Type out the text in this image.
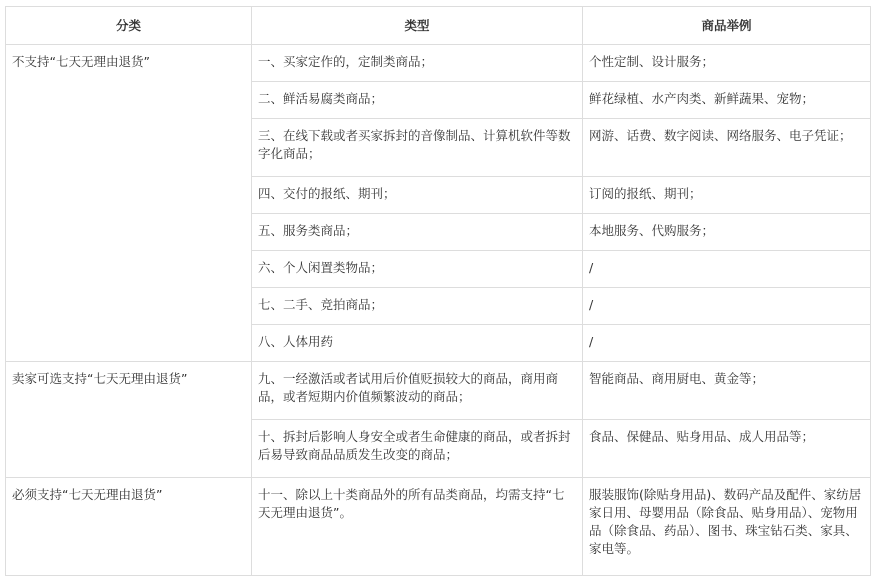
分类	类型	商品举例
不支持“七天无理由退货”	一、买家定作的，定制类商品；	个性定制、设计服务；
	二、鲜活易腐类商品；	鲜花绿植、水产肉类、新鲜蔬果、宠物；
	三、在线下载或者买家拆封的音像制品、计算机软件等数字化商品；	网游、话费、数字阅读、网络服务、电子凭证；
	四、交付的报纸、期刊；	订阅的报纸、期刊；
	五、服务类商品；	本地服务、代购服务；
	六、个人闲置类物品；	/
	七、二手、竞拍商品；	/
	八、人体用药	/
卖家可选支持“七天无理由退货”	九、一经激活或者试用后价值贬损较大的商品，商用商品，或者短期内价值频繁波动的商品；	智能商品、商用厨电、黄金等；
	十、拆封后影响人身安全或者生命健康的商品，或者拆封后易导致商品品质发生改变的商品；	食品、保健品、贴身用品、成人用品等；
必须支持“七天无理由退货”	十一、除以上十类商品外的所有品类商品，均需支持“七天无理由退货”。	服装服饰(除贴身用品)、数码产品及配件、家纺居家日用、母婴用品（除食品、贴身用品）、宠物用品（除食品、药品）、图书、珠宝钻石类、家具、家电等。
